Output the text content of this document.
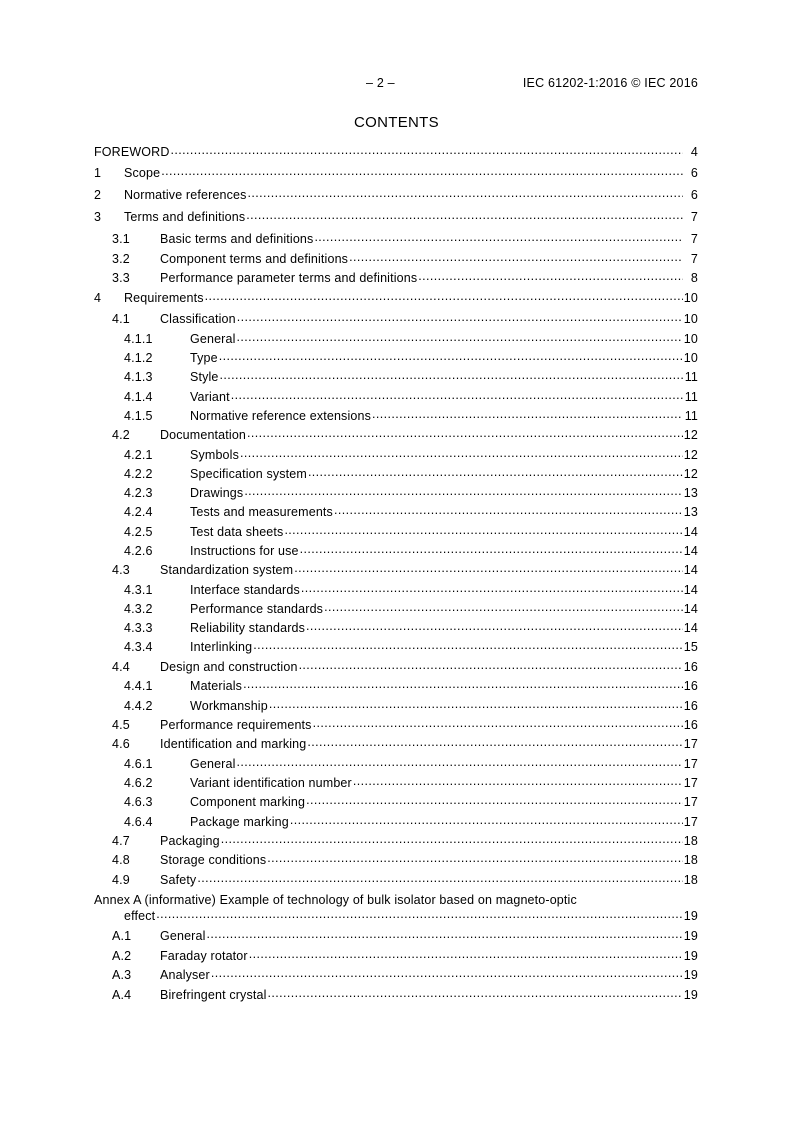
– 2 –	IEC 61202-1:2016 © IEC 2016
CONTENTS
FOREWORD .....	4
1	Scope .....	6
2	Normative references .....	6
3	Terms and definitions .....	7
3.1	Basic terms and definitions .....	7
3.2	Component terms and definitions .....	7
3.3	Performance parameter terms and definitions .....	8
4	Requirements .....	10
4.1	Classification .....	10
4.1.1	General .....	10
4.1.2	Type .....	10
4.1.3	Style .....	11
4.1.4	Variant .....	11
4.1.5	Normative reference extensions .....	11
4.2	Documentation .....	12
4.2.1	Symbols .....	12
4.2.2	Specification system .....	12
4.2.3	Drawings .....	13
4.2.4	Tests and measurements .....	13
4.2.5	Test data sheets .....	14
4.2.6	Instructions for use .....	14
4.3	Standardization system .....	14
4.3.1	Interface standards .....	14
4.3.2	Performance standards .....	14
4.3.3	Reliability standards .....	14
4.3.4	Interlinking .....	15
4.4	Design and construction .....	16
4.4.1	Materials .....	16
4.4.2	Workmanship .....	16
4.5	Performance requirements .....	16
4.6	Identification and marking .....	17
4.6.1	General .....	17
4.6.2	Variant identification number .....	17
4.6.3	Component marking .....	17
4.6.4	Package marking .....	17
4.7	Packaging .....	18
4.8	Storage conditions .....	18
4.9	Safety .....	18
Annex A (informative) Example of technology of bulk isolator based on magneto-optic
effect .....	19
A.1	General .....	19
A.2	Faraday rotator .....	19
A.3	Analyser .....	19
A.4	Birefringent crystal .....	19
